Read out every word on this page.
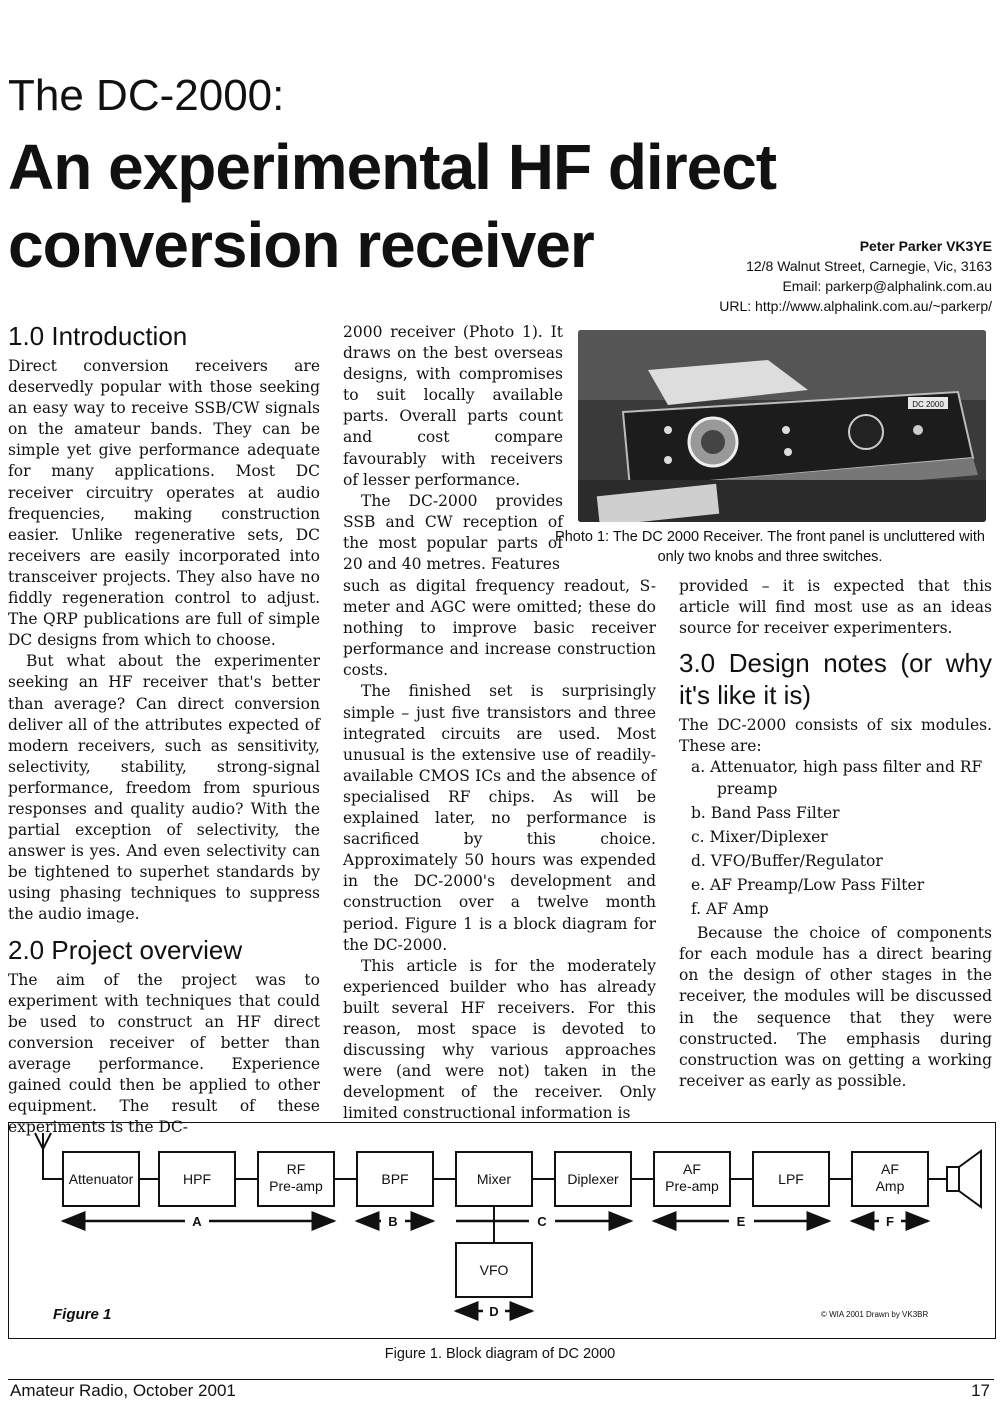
The DC-2000:
An experimental HF direct
conversion receiver	Peter Parker VK3YE
12/8 Walnut Street, Carnegie, Vic, 3163
Email: parkerp@alphalink.com.au
URL: http://www.alphalink.com.au/~parkerp/
1.0 Introduction

Direct conversion receivers are deservedly popular with those seeking an easy way to receive SSB/CW signals on the amateur bands. They can be simple yet give performance adequate for many applications. Most DC receiver circuitry operates at audio frequencies, making construction easier. Unlike regenerative sets, DC receivers are easily incorporated into transceiver projects. They also have no fiddly regeneration control to adjust. The QRP publications are full of simple DC designs from which to choose.

But what about the experimenter seeking an HF receiver that's better than average? Can direct conversion deliver all of the attributes expected of modern receivers, such as sensitivity, selectivity, stability, strong-signal performance, freedom from spurious responses and quality audio? With the partial exception of selectivity, the answer is yes. And even selectivity can be tightened to superhet standards by using phasing techniques to suppress the audio image.

2.0 Project overview

The aim of the project was to experiment with techniques that could be used to construct an HF direct conversion receiver of better than average performance. Experience gained could then be applied to other equipment. The result of these experiments is the DC-

2000 receiver (Photo 1). It draws on the best overseas designs, with compromises to suit locally available parts. Overall parts count and cost compare favourably with receivers of lesser performance.

The DC-2000 provides SSB and CW reception of the most popular parts of 20 and 40 metres. Features

such as digital frequency readout, S-meter and AGC were omitted; these do nothing to improve basic receiver performance and increase construction costs.

The finished set is surprisingly simple – just five transistors and three integrated circuits are used. Most unusual is the extensive use of readily-available CMOS ICs and the absence of specialised RF chips. As will be explained later, no performance is sacrificed by this choice. Approximately 50 hours was expended in the DC-2000's development and construction over a twelve month period. Figure 1 is a block diagram for the DC-2000.

This article is for the moderately experienced builder who has already built several HF receivers. For this reason, most space is devoted to discussing why various approaches were (and were not) taken in the development of the receiver. Only limited constructional information is

provided – it is expected that this article will find most use as an ideas source for receiver experimenters.

3.0 Design notes (or why it's like it is)

The DC-2000 consists of six modules. These are:

a. Attenuator, high pass filter and RF preamp
b. Band Pass Filter
c. Mixer/Diplexer
d. VFO/Buffer/Regulator
e. AF Preamp/Low Pass Filter
f. AF Amp

Because the choice of components for each module has a direct bearing on the design of other stages in the receiver, the modules will be discussed in the sequence that they were constructed. The emphasis during construction was on getting a working receiver as early as possible.

DC 2000
Photo 1: The DC 2000 Receiver. The front panel is uncluttered with only two knobs and three switches.
Attenuator	HPF
RF
Pre-amp	BPF	Mixer	Diplexer
AF
Pre-amp	LPF
AF
Amp
VFO
A	B	C	E	F
D
Figure 1	© WIA 2001 Drawn by VK3BR
Figure 1. Block diagram of DC 2000
Amateur Radio, October 2001	17
